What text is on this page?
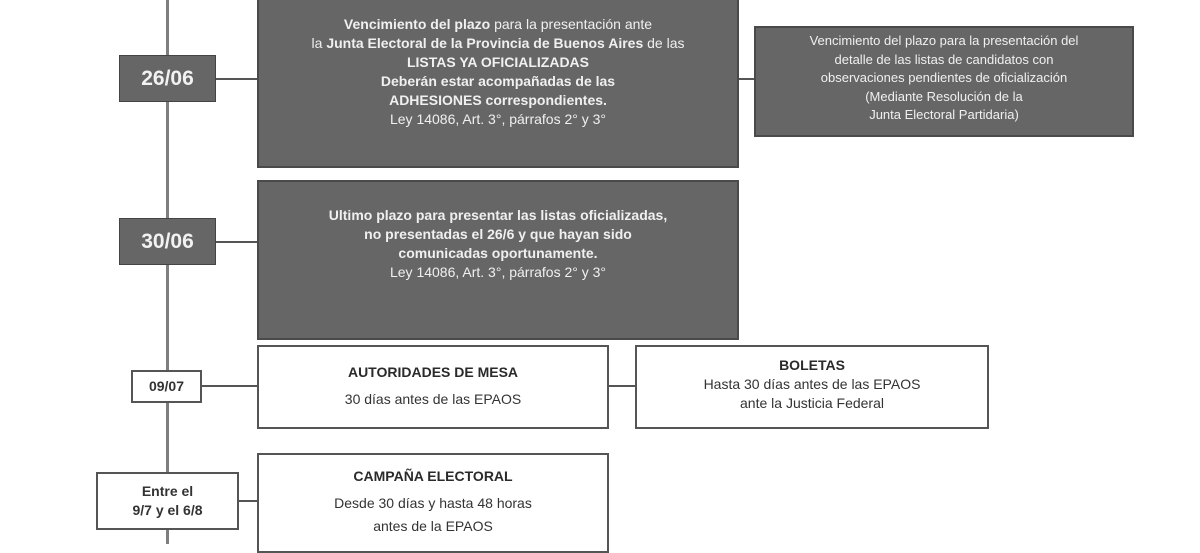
26/06
Vencimiento del plazo para la presentación ante
la Junta Electoral de la Provincia de Buenos Aires de las
LISTAS YA OFICIALIZADAS
Deberán estar acompañadas de las
ADHESIONES correspondientes.
Ley 14086, Art. 3°, párrafos 2° y 3°
Vencimiento del plazo para la presentación del
detalle de las listas de candidatos con
observaciones pendientes de oficialización
(Mediante Resolución de la
Junta Electoral Partidaria)
30/06
Ultimo plazo para presentar las listas oficializadas,
no presentadas el 26/6 y que hayan sido
comunicadas oportunamente.
Ley 14086, Art. 3°, párrafos 2° y 3°
09/07
AUTORIDADES DE MESA
30 días antes de las EPAOS
BOLETAS
Hasta 30 días antes de las EPAOS
ante la Justicia Federal
Entre el
9/7 y el 6/8
CAMPAÑA ELECTORAL
Desde 30 días y hasta 48 horas
antes de la EPAOS
